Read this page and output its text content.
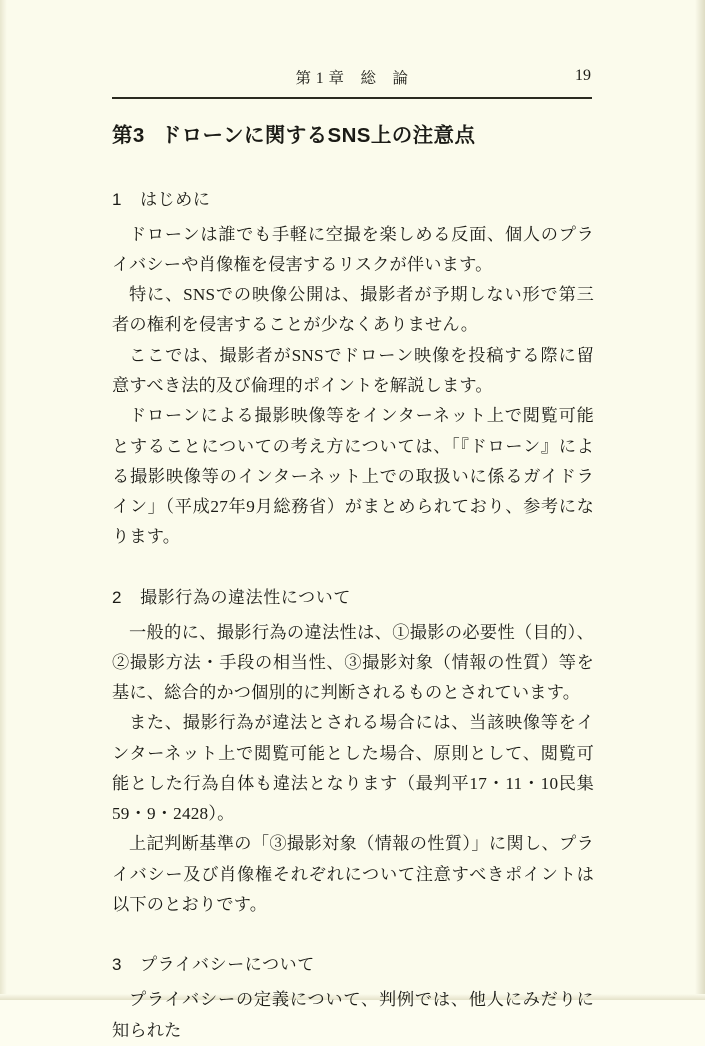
第 1 章　総　論	19
第3 ドローンに関するSNS上の注意点
1 はじめに

ドローンは誰でも手軽に空撮を楽しめる反面、個人のプライバシーや肖像権を侵害するリスクが伴います。

特に、SNSでの映像公開は、撮影者が予期しない形で第三者の権利を侵害することが少なくありません。

ここでは、撮影者がSNSでドローン映像を投稿する際に留意すべき法的及び倫理的ポイントを解説します。

ドローンによる撮影映像等をインターネット上で閲覧可能とすることについての考え方については、「『ドローン』による撮影映像等のインターネット上での取扱いに係るガイドライン」（平成27年9月総務省）がまとめられており、参考になります。

2 撮影行為の違法性について

一般的に、撮影行為の違法性は、①撮影の必要性（目的）、②撮影方法・手段の相当性、③撮影対象（情報の性質）等を基に、総合的かつ個別的に判断されるものとされています。

また、撮影行為が違法とされる場合には、当該映像等をインターネット上で閲覧可能とした場合、原則として、閲覧可能とした行為自体も違法となります（最判平17・11・10民集59・9・2428）。

上記判断基準の「③撮影対象（情報の性質）」に関し、プライバシー及び肖像権それぞれについて注意すべきポイントは以下のとおりです。

3 プライバシーについて

プライバシーの定義について、判例では、他人にみだりに知られた
